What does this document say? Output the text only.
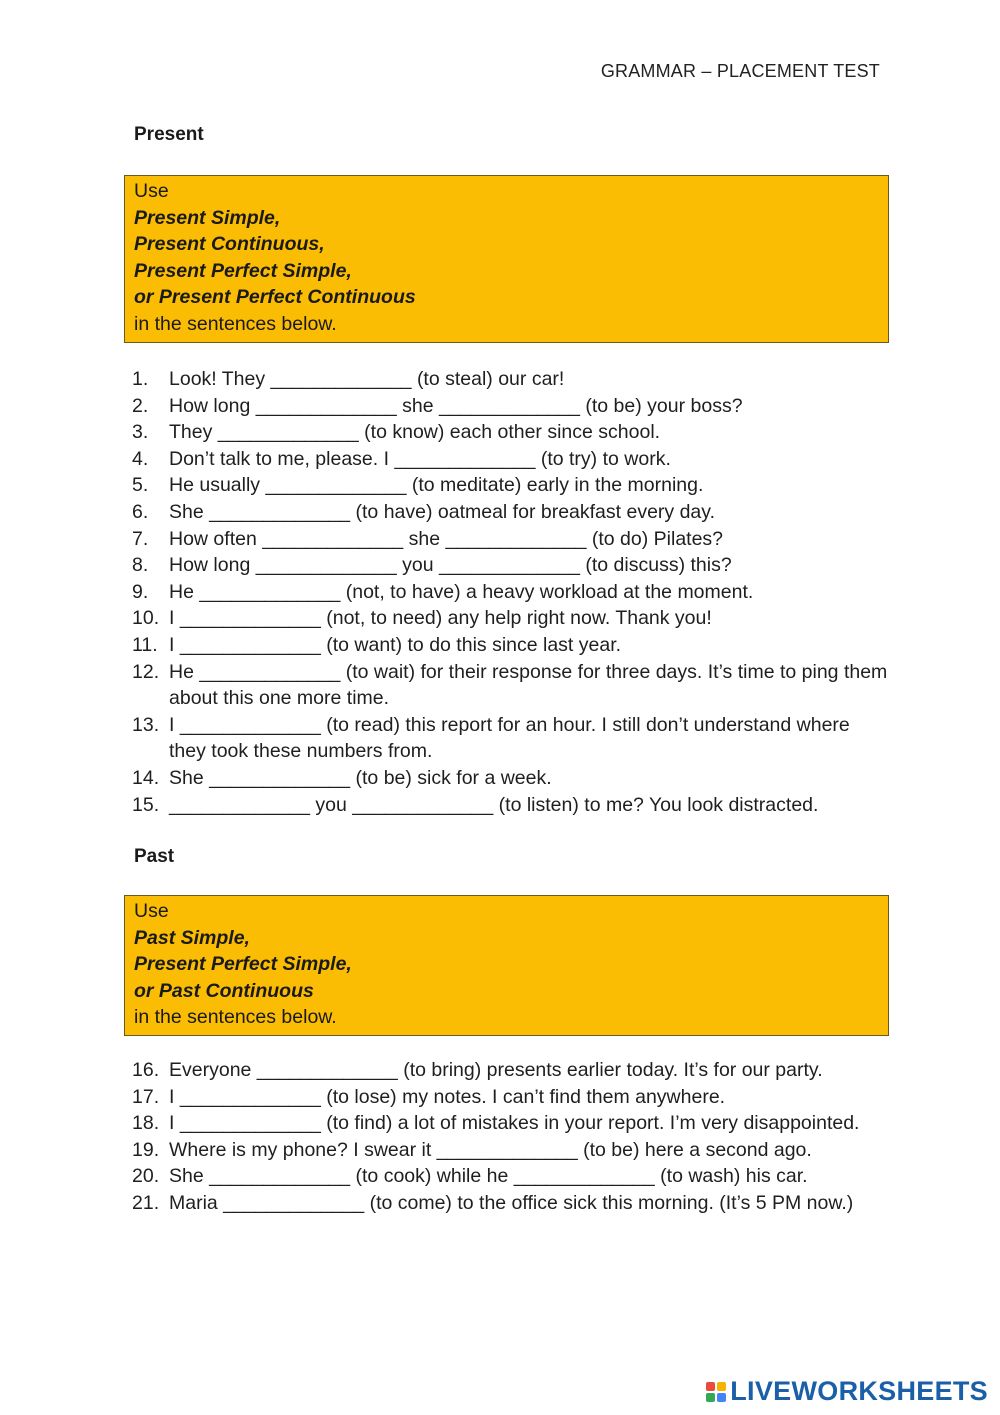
GRAMMAR – PLACEMENT TEST
Present
Use
Present Simple,
Present Continuous,
Present Perfect Simple,
or Present Perfect Continuous
in the sentences below.
1.	Look! They _____________ (to steal) our car!
2.	How long _____________ she _____________ (to be) your boss?
3.	They _____________ (to know) each other since school.
4.	Don’t talk to me, please. I _____________ (to try) to work.
5.	He usually _____________ (to meditate) early in the morning.
6.	She _____________ (to have) oatmeal for breakfast every day.
7.	How often _____________ she _____________ (to do) Pilates?
8.	How long _____________ you _____________ (to discuss) this?
9.	He _____________ (not, to have) a heavy workload at the moment.
10. I _____________ (not, to need) any help right now. Thank you!
11. I _____________ (to want) to do this since last year.
12. He _____________ (to wait) for their response for three days. It’s time to ping them about this one more time.
13. I _____________ (to read) this report for an hour. I still don’t understand where they took these numbers from.
14. She _____________ (to be) sick for a week.
15. _____________ you _____________ (to listen) to me? You look distracted.
Past
Use
Past Simple,
Present Perfect Simple,
or Past Continuous
in the sentences below.
16. Everyone _____________ (to bring) presents earlier today. It’s for our party.
17. I _____________ (to lose) my notes. I can’t find them anywhere.
18. I _____________ (to find) a lot of mistakes in your report. I’m very disappointed.
19. Where is my phone? I swear it _____________ (to be) here a second ago.
20. She _____________ (to cook) while he _____________ (to wash) his car.
21. Maria _____________ (to come) to the office sick this morning. (It’s 5 PM now.)
LIVEWORKSHEETS
